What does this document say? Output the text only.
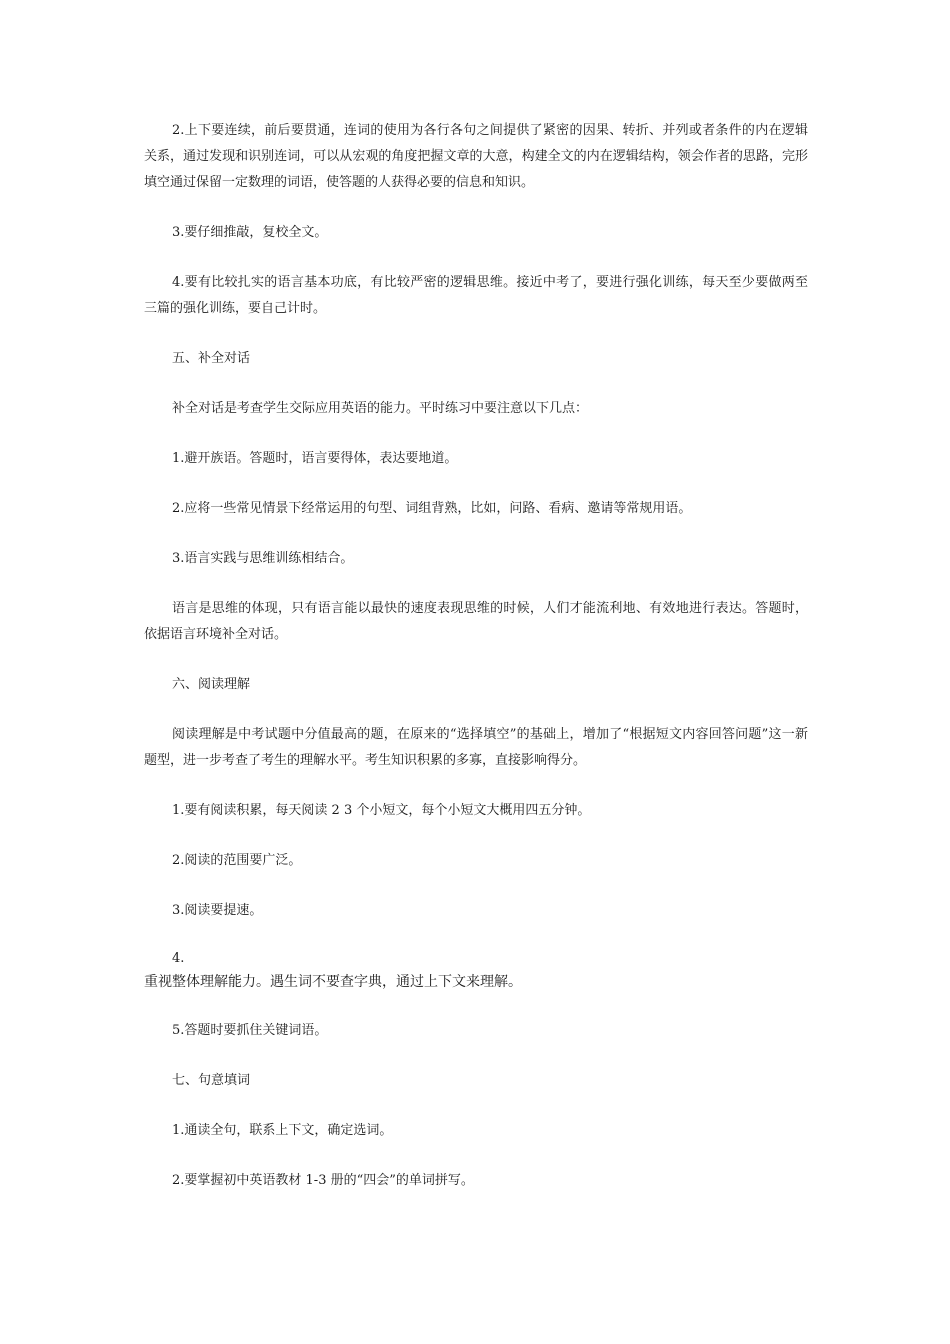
2.上下要连续，前后要贯通，连词的使用为各行各句之间提供了紧密的因果、转折、并列或者条件的内在逻辑关系，通过发现和识别连词，可以从宏观的角度把握文章的大意，构建全文的内在逻辑结构，领会作者的思路，完形填空通过保留一定数理的词语，使答题的人获得必要的信息和知识。

3.要仔细推敲，复校全文。

4.要有比较扎实的语言基本功底，有比较严密的逻辑思维。接近中考了，要进行强化训练，每天至少要做两至三篇的强化训练，要自己计时。

五、补全对话

补全对话是考查学生交际应用英语的能力。平时练习中要注意以下几点：

1.避开族语。答题时，语言要得体，表达要地道。

2.应将一些常见情景下经常运用的句型、词组背熟，比如，问路、看病、邀请等常规用语。

3.语言实践与思维训练相结合。

语言是思维的体现，只有语言能以最快的速度表现思维的时候，人们才能流利地、有效地进行表达。答题时，依据语言环境补全对话。

六、阅读理解

阅读理解是中考试题中分值最高的题，在原来的“选择填空”的基础上，增加了“根据短文内容回答问题”这一新题型，进一步考查了考生的理解水平。考生知识积累的多寡，直接影响得分。

1.要有阅读积累，每天阅读 2 3 个小短文，每个小短文大概用四五分钟。

2.阅读的范围要广泛。

3.阅读要提速。

4.
重视整体理解能力。遇生词不要查字典，通过上下文来理解。

5.答题时要抓住关键词语。

七、句意填词

1.通读全句，联系上下文，确定选词。

2.要掌握初中英语教材 1-3 册的“四会”的单词拼写。
